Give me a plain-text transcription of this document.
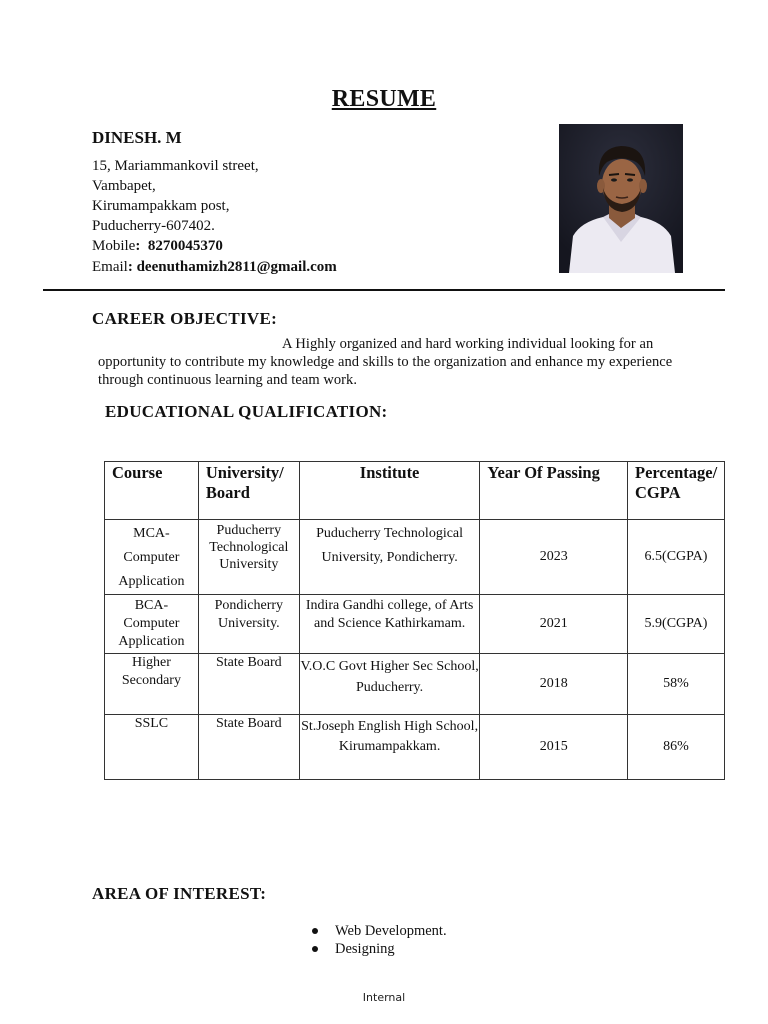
RESUME
DINESH. M
15, Mariammankovil street,
Vambapet,
Kirumampakkam post,
Puducherry-607402.
Mobile:  8270045370
Email: deenuthamizh2811@gmail.com
CAREER OBJECTIVE:
A Highly organized and hard working individual looking for an opportunity to contribute my knowledge and skills to the organization and enhance my experience through continuous learning and team work.
EDUCATIONAL QUALIFICATION:
Course	University/ Board	Institute	Year Of Passing	Percentage/ CGPA

MCA- Computer Application	Puducherry Technological University	Puducherry Technological University, Pondicherry.	2023	6.5(CGPA)

BCA- Computer Application	Pondicherry University.	Indira Gandhi college, of Arts and Science Kathirkamam.	2021	5.9(CGPA)

Higher Secondary	State Board	V.O.C Govt Higher Sec School, Puducherry.	2018	58%

SSLC	State Board	St.Joseph English High School, Kirumampakkam.	2015	86%
AREA OF INTEREST:
Web Development.
Designing
Internal
